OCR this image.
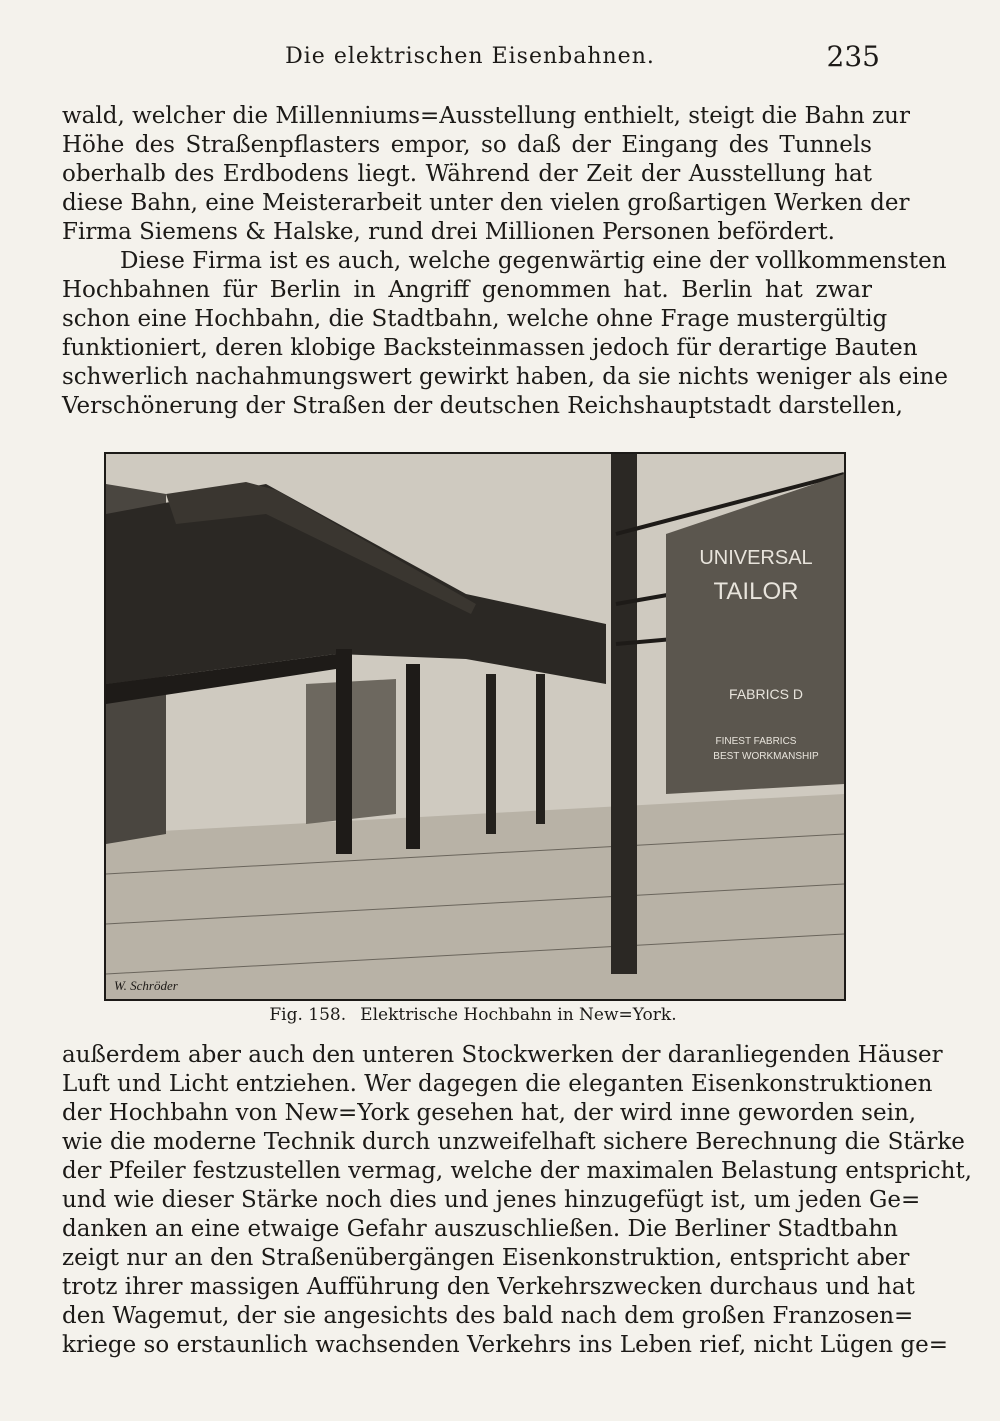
Die elektrischen Eisenbahnen.	235
wald, welcher die Millenniums=Ausstellung enthielt, steigt die Bahn zur
Höhe des Straßenpflasters empor, so daß der Eingang des Tunnels
oberhalb des Erdbodens liegt. Während der Zeit der Ausstellung hat
diese Bahn, eine Meisterarbeit unter den vielen großartigen Werken der
Firma Siemens & Halske, rund drei Millionen Personen befördert.
Diese Firma ist es auch, welche gegenwärtig eine der vollkommensten
Hochbahnen für Berlin in Angriff genommen hat. Berlin hat zwar
schon eine Hochbahn, die Stadtbahn, welche ohne Frage mustergültig
funktioniert, deren klobige Backsteinmassen jedoch für derartige Bauten
schwerlich nachahmungswert gewirkt haben, da sie nichts weniger als eine
Verschönerung der Straßen der deutschen Reichshauptstadt darstellen,
UNIVERSAL
TAILOR
FABRICS D
FINEST FABRICS
BEST WORKMANSHIP
W. Schröder
Fig. 158. Elektrische Hochbahn in New=York.
außerdem aber auch den unteren Stockwerken der daranliegenden Häuser
Luft und Licht entziehen. Wer dagegen die eleganten Eisenkonstruktionen
der Hochbahn von New=York gesehen hat, der wird inne geworden sein,
wie die moderne Technik durch unzweifelhaft sichere Berechnung die Stärke
der Pfeiler festzustellen vermag, welche der maximalen Belastung entspricht,
und wie dieser Stärke noch dies und jenes hinzugefügt ist, um jeden Ge=
danken an eine etwaige Gefahr auszuschließen. Die Berliner Stadtbahn
zeigt nur an den Straßenübergängen Eisenkonstruktion, entspricht aber
trotz ihrer massigen Aufführung den Verkehrszwecken durchaus und hat
den Wagemut, der sie angesichts des bald nach dem großen Franzosen=
kriege so erstaunlich wachsenden Verkehrs ins Leben rief, nicht Lügen ge=
